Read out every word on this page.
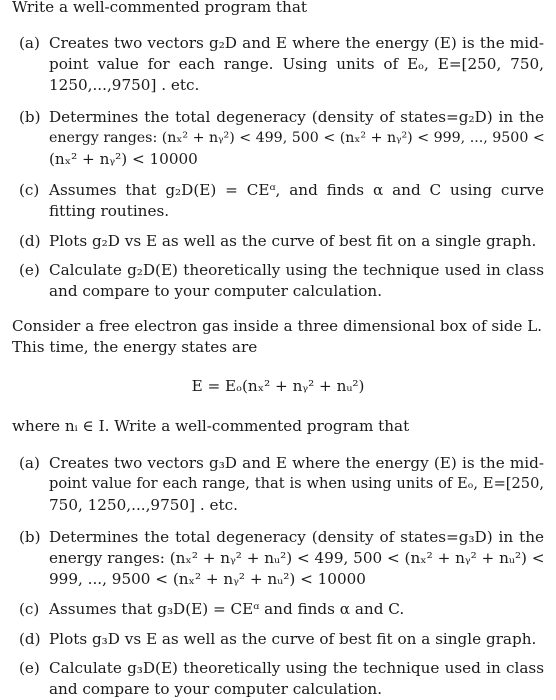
Write a well-commented program that
(a) Creates two vectors g₂D and E where the energy (E) is the mid-
point value for each range. Using units of Eₒ, E=[250, 750,
1250,...,9750] . etc.
(b) Determines the total degeneracy (density of states=g₂D) in the
energy ranges: (nₓ² + nᵧ²) < 499, 500 < (nₓ² + nᵧ²) < 999, ..., 9500 <
(nₓ² + nᵧ²) < 10000
(c) Assumes that g₂D(E) = CEᵅ, and finds α and C using curve
fitting routines.
(d) Plots g₂D vs E as well as the curve of best fit on a single graph.
(e) Calculate g₂D(E) theoretically using the technique used in class
and compare to your computer calculation.
Consider a free electron gas inside a three dimensional box of side L.
This time, the energy states are
E = Eₒ(nₓ² + nᵧ² + nᵤ²)
where nᵢ ∈ I. Write a well-commented program that
(a) Creates two vectors g₃D and E where the energy (E) is the mid-
point value for each range, that is when using units of Eₒ, E=[250,
750, 1250,...,9750] . etc.
(b) Determines the total degeneracy (density of states=g₃D) in the
energy ranges: (nₓ² + nᵧ² + nᵤ²) < 499, 500 < (nₓ² + nᵧ² + nᵤ²) <
999, ..., 9500 < (nₓ² + nᵧ² + nᵤ²) < 10000
(c) Assumes that g₃D(E) = CEᵅ and finds α and C.
(d) Plots g₃D vs E as well as the curve of best fit on a single graph.
(e) Calculate g₃D(E) theoretically using the technique used in class
and compare to your computer calculation.
